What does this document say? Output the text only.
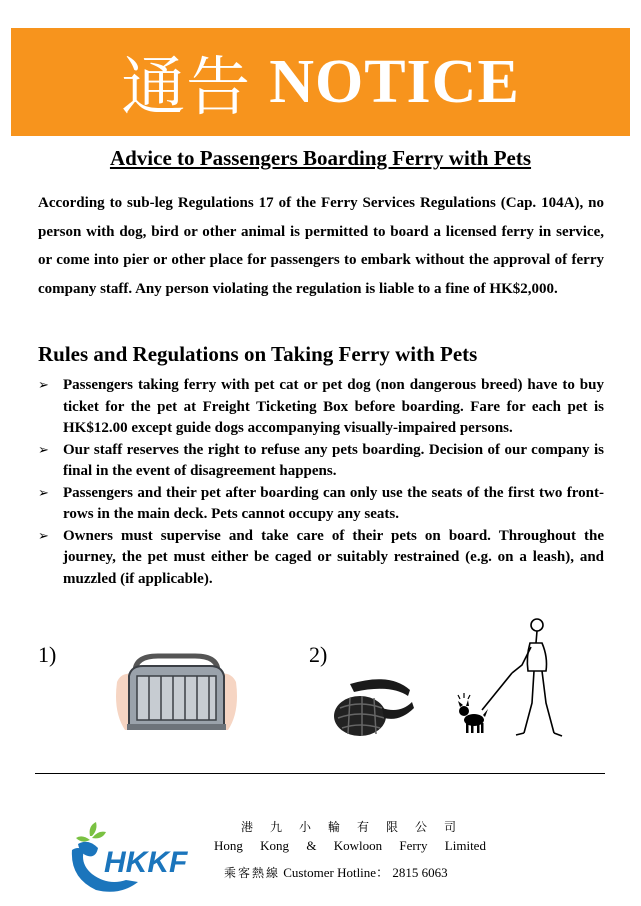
通告 NOTICE
Advice to Passengers Boarding Ferry with Pets
According to sub-leg Regulations 17 of the Ferry Services Regulations (Cap. 104A), no person with dog, bird or other animal is permitted to board a licensed ferry in service, or come into pier or other place for passengers to embark without the approval of ferry company staff. Any person violating the regulation is liable to a fine of HK$2,000.
Rules and Regulations on Taking Ferry with Pets
➢ Passengers taking ferry with pet cat or pet dog (non dangerous breed) have to buy ticket for the pet at Freight Ticketing Box before boarding. Fare for each pet is HK$12.00 except guide dogs accompanying visually-impaired persons.
➢ Our staff reserves the right to refuse any pets boarding. Decision of our company is final in the event of disagreement happens.
➢ Passengers and their pet after boarding can only use the seats of the first two front-rows in the main deck. Pets cannot occupy any seats.
➢ Owners must supervise and take care of their pets on board. Throughout the journey, the pet must either be caged or suitably restrained (e.g. on a leash), and muzzled (if applicable).
1)	2)
HKKF
港九小輪有限公司
Hong Kong & Kowloon Ferry Limited
乘客熱線 Customer Hotline： 2815 6063
